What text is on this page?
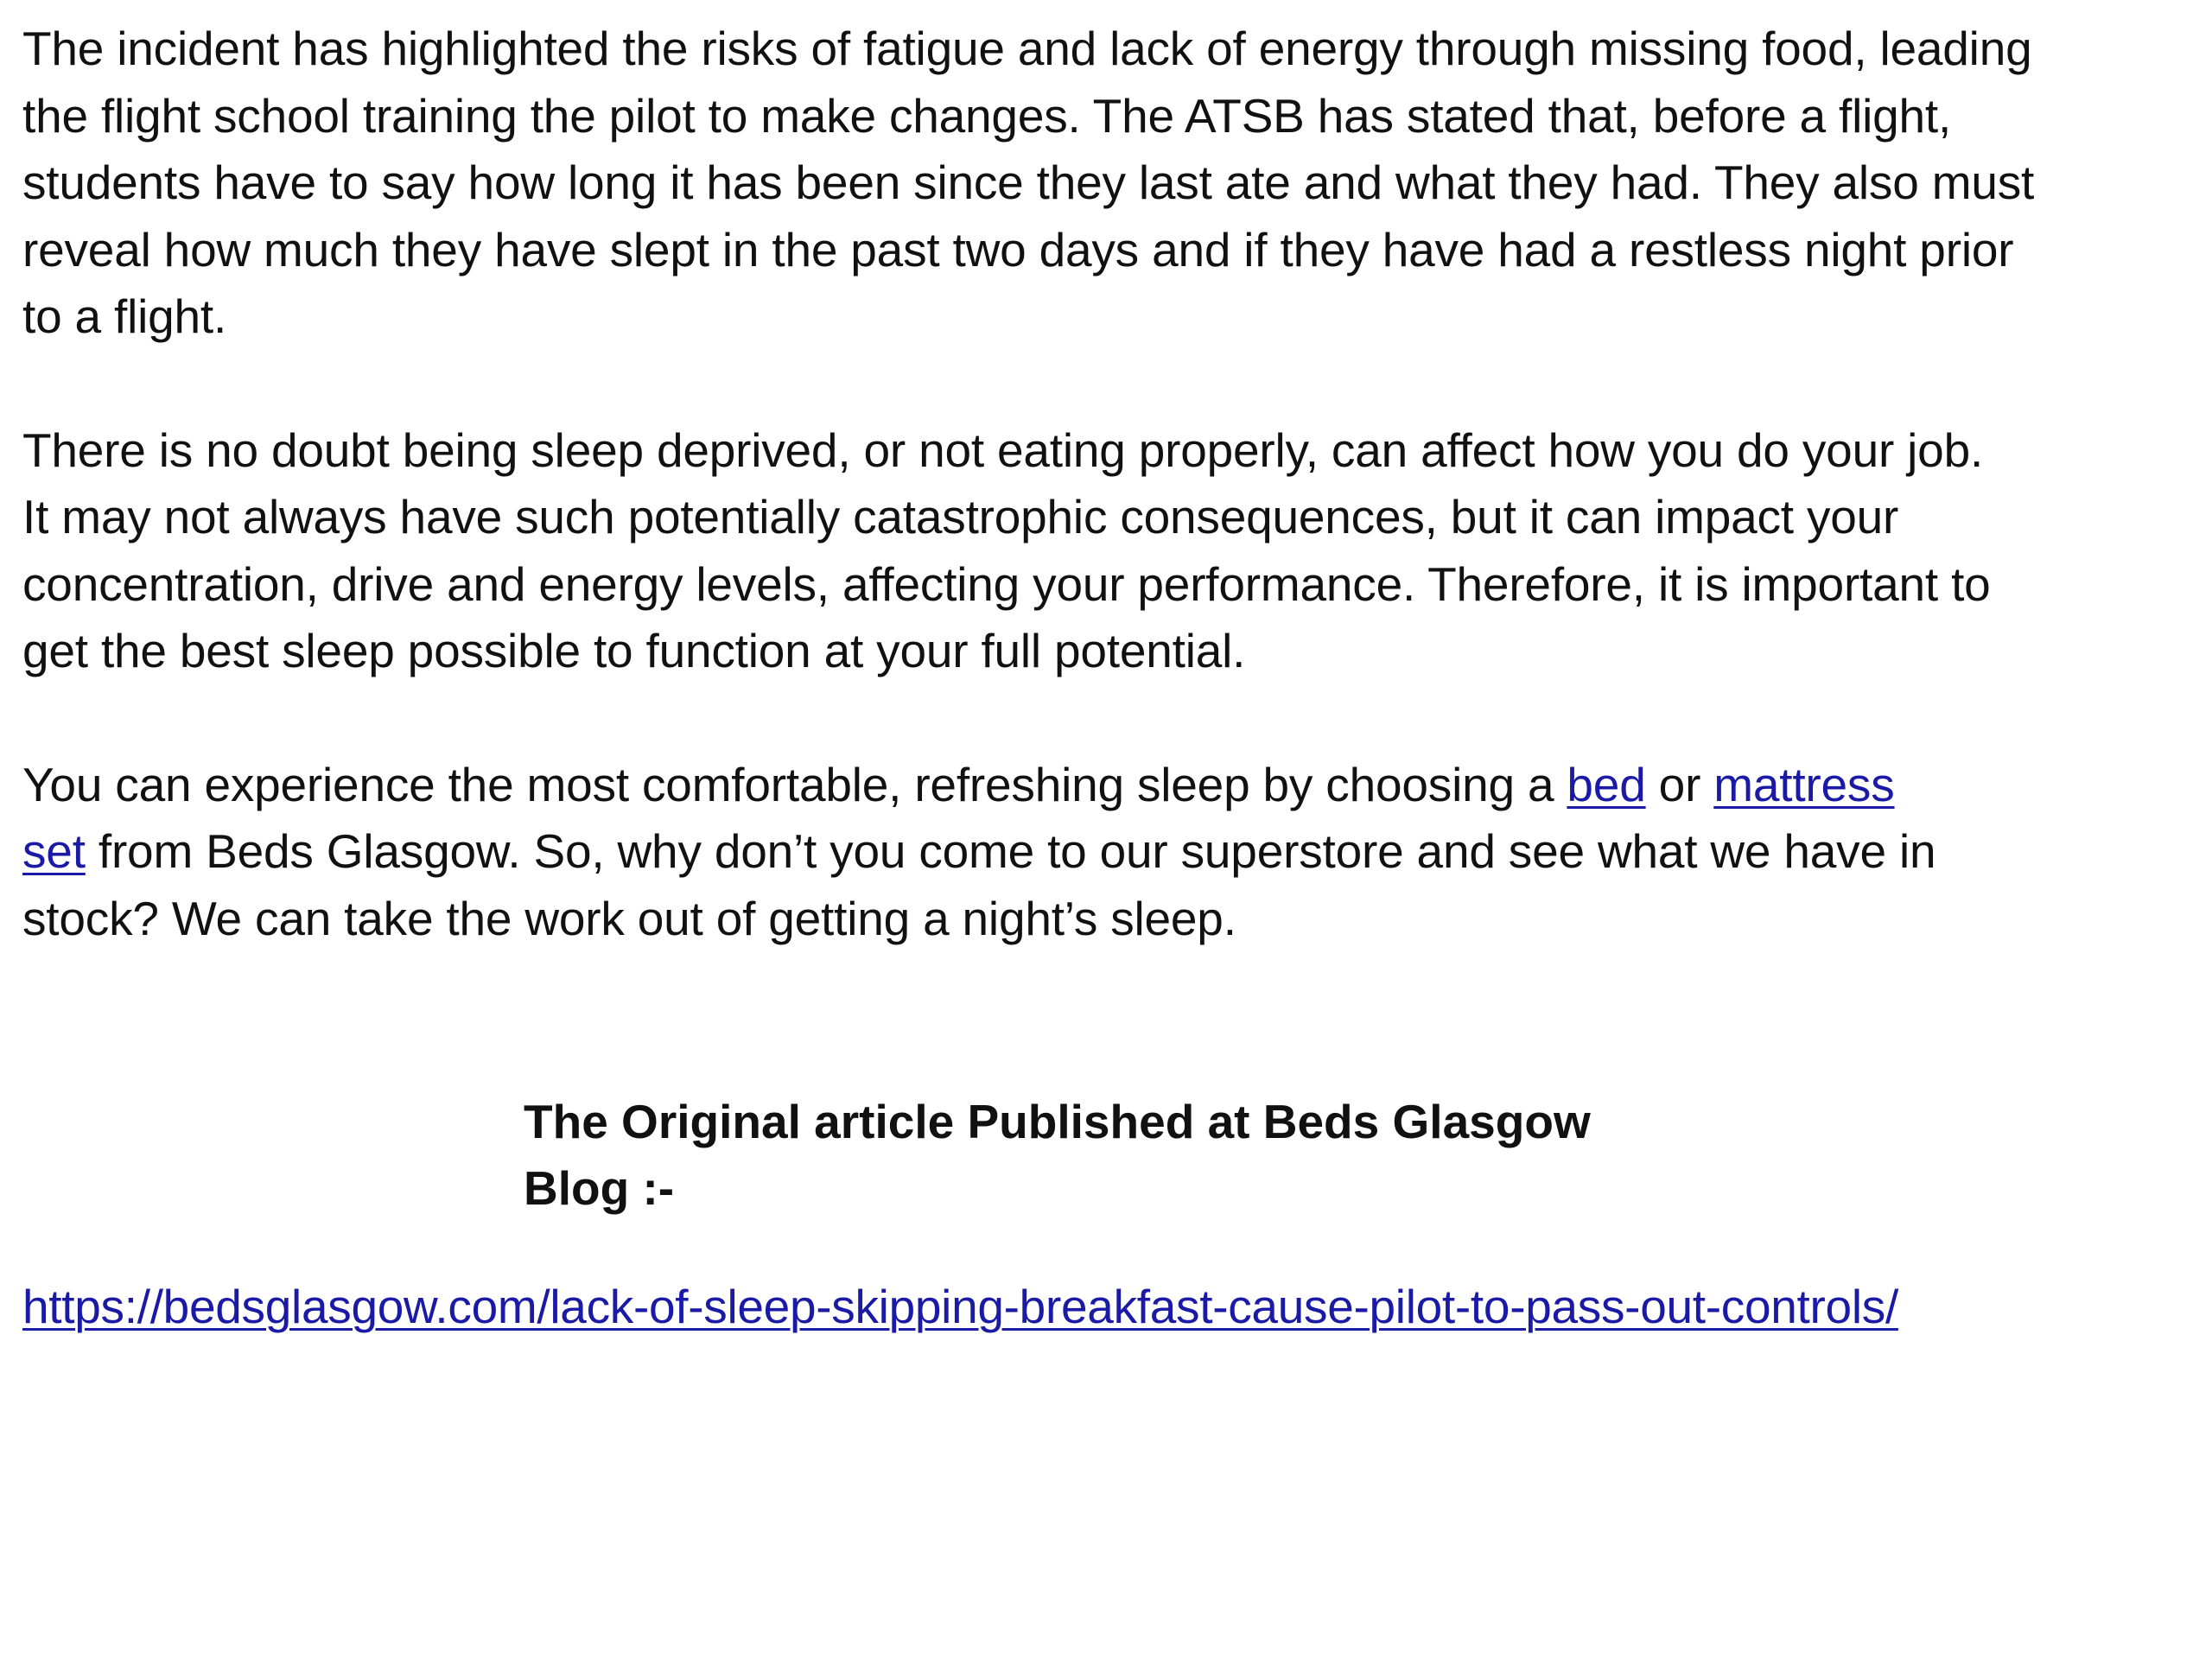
The incident has highlighted the risks of fatigue and lack of energy through missing food, leading
the flight school training the pilot to make changes. The ATSB has stated that, before a flight,
students have to say how long it has been since they last ate and what they had. They also must
reveal how much they have slept in the past two days and if they have had a restless night prior
to a flight.

There is no doubt being sleep deprived, or not eating properly, can affect how you do your job.
It may not always have such potentially catastrophic consequences, but it can impact your
concentration, drive and energy levels, affecting your performance. Therefore, it is important to
get the best sleep possible to function at your full potential.

You can experience the most comfortable, refreshing sleep by choosing a bed or mattress
set from Beds Glasgow. So, why don’t you come to our superstore and see what we have in
stock? We can take the work out of getting a night’s sleep.

The Original article Published at Beds Glasgow
Blog :-
https://bedsglasgow.com/lack-of-sleep-skipping-breakfast-cause-pilot-to-pass-out-controls/
